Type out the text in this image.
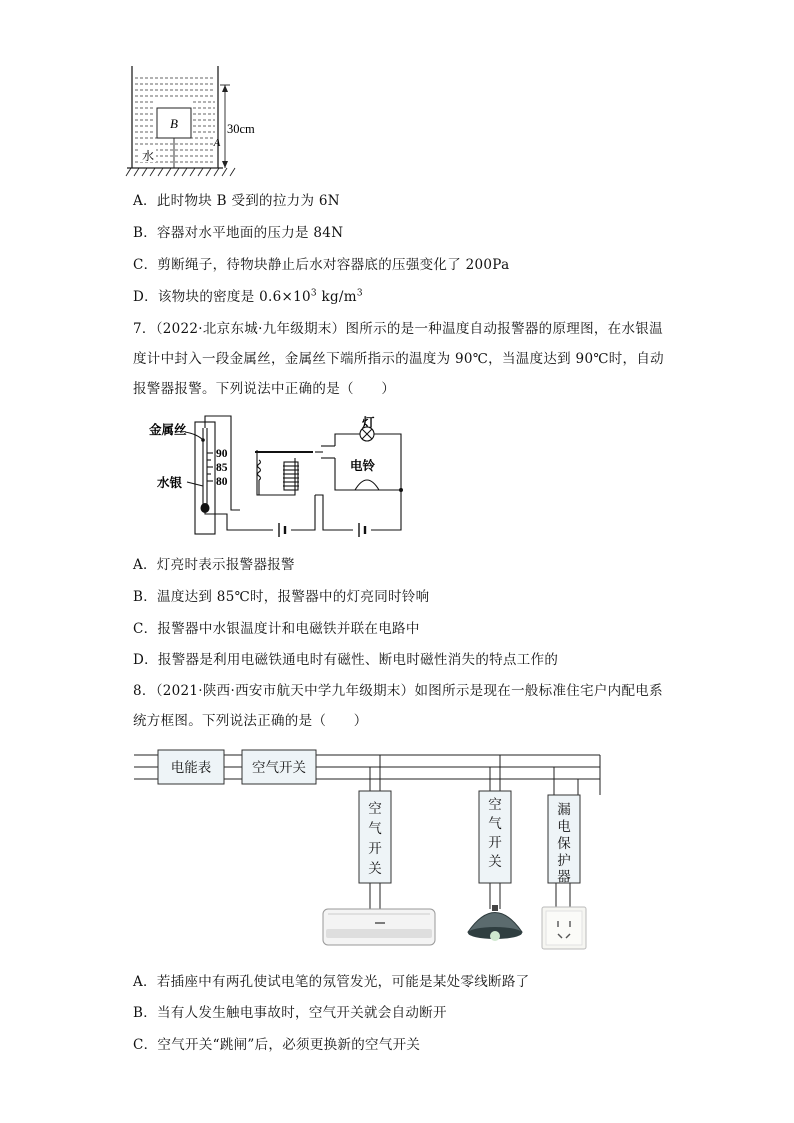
B
水
A
30cm
A．此时物块 B 受到的拉力为 6N
B．容器对水平地面的压力是 84N
C．剪断绳子，待物块静止后水对容器底的压强变化了 200Pa
D．该物块的密度是 $0.6\times 10^3$ $kg/m^3$
7．（2022·北京东城·九年级期末）图所示的是一种温度自动报警器的原理图，在水银温
度计中封入一段金属丝，金属丝下端所指示的温度为 90℃，当温度达到 90℃时，自动
报警器报警。下列说法中正确的是（　　）
金属丝
水银
90
85
80
灯
电铃
A．灯亮时表示报警器报警
B．温度达到 85℃时，报警器中的灯亮同时铃响
C．报警器中水银温度计和电磁铁并联在电路中
D．报警器是利用电磁铁通电时有磁性、断电时磁性消失的特点工作的
8．（2021·陕西·西安市航天中学九年级期末）如图所示是现在一般标准住宅户内配电系
统方框图。下列说法正确的是（　　）
电能表	空气开关
空
气
开
关
空
气
开
关
漏
电
保
护
器
A．若插座中有两孔使试电笔的氖管发光，可能是某处零线断路了
B．当有人发生触电事故时，空气开关就会自动断开
C．空气开关“跳闸”后，必须更换新的空气开关
